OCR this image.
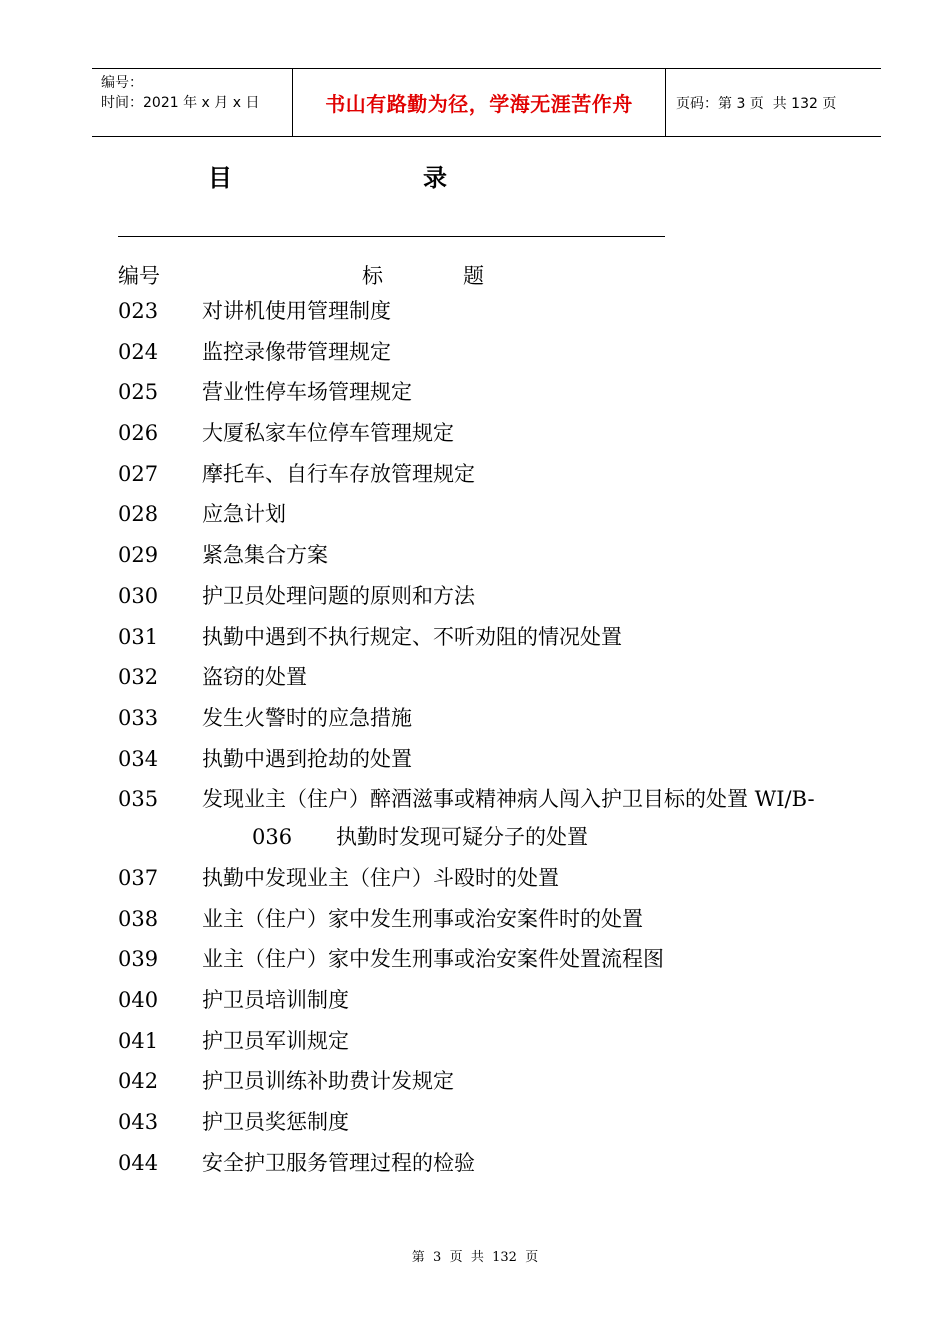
编号：
时间：2021 年 x 月 x 日	书山有路勤为径，学海无涯苦作舟	页码：第 3 页  共 132 页
目	录
编号	标	题
023 对讲机使用管理制度
024 监控录像带管理规定
025 营业性停车场管理规定
026 大厦私家车位停车管理规定
027 摩托车、自行车存放管理规定
028 应急计划
029 紧急集合方案
030 护卫员处理问题的原则和方法
031 执勤中遇到不执行规定、不听劝阻的情况处置
032 盗窃的处置
033 发生火警时的应急措施
034 执勤中遇到抢劫的处置
035 发现业主（住户）醉酒滋事或精神病人闯入护卫目标的处置 WI/B-
036 执勤时发现可疑分子的处置
037 执勤中发现业主（住户）斗殴时的处置
038 业主（住户）家中发生刑事或治安案件时的处置
039 业主（住户）家中发生刑事或治安案件处置流程图
040 护卫员培训制度
041 护卫员军训规定
042 护卫员训练补助费计发规定
043 护卫员奖惩制度
044 安全护卫服务管理过程的检验
第  3  页  共  132  页
